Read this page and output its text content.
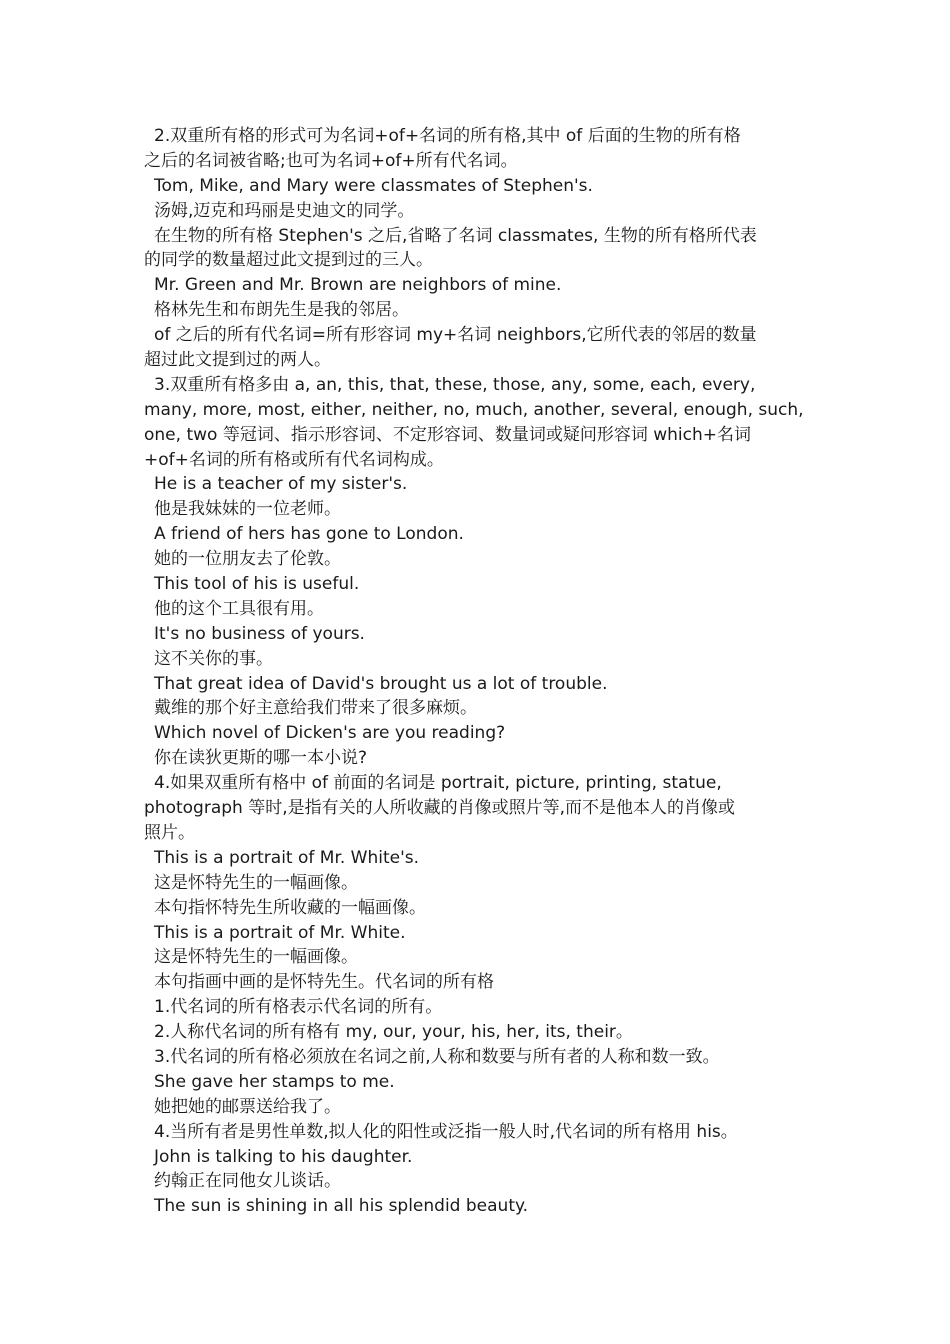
2.双重所有格的形式可为名词+of+名词的所有格,其中 of 后面的生物的所有格
之后的名词被省略;也可为名词+of+所有代名词。
Tom, Mike, and Mary were classmates of Stephen's.
汤姆,迈克和玛丽是史迪文的同学。
在生物的所有格 Stephen's 之后,省略了名词 classmates, 生物的所有格所代表
的同学的数量超过此文提到过的三人。
Mr. Green and Mr. Brown are neighbors of mine.
格林先生和布朗先生是我的邻居。
of 之后的所有代名词=所有形容词 my+名词 neighbors,它所代表的邻居的数量
超过此文提到过的两人。
3.双重所有格多由 a, an, this, that, these, those, any, some, each, every,
many, more, most, either, neither, no, much, another, several, enough, such,
one, two 等冠词、指示形容词、不定形容词、数量词或疑问形容词 which+名词
+of+名词的所有格或所有代名词构成。
He is a teacher of my sister's.
他是我妹妹的一位老师。
A friend of hers has gone to London.
她的一位朋友去了伦敦。
This tool of his is useful.
他的这个工具很有用。
It's no business of yours.
这不关你的事。
That great idea of David's brought us a lot of trouble.
戴维的那个好主意给我们带来了很多麻烦。
Which novel of Dicken's are you reading?
你在读狄更斯的哪一本小说?
4.如果双重所有格中 of 前面的名词是 portrait, picture, printing, statue,
photograph 等时,是指有关的人所收藏的肖像或照片等,而不是他本人的肖像或
照片。
This is a portrait of Mr. White's.
这是怀特先生的一幅画像。
本句指怀特先生所收藏的一幅画像。
This is a portrait of Mr. White.
这是怀特先生的一幅画像。
本句指画中画的是怀特先生。代名词的所有格
1.代名词的所有格表示代名词的所有。
2.人称代名词的所有格有 my, our, your, his, her, its, their。
3.代名词的所有格必须放在名词之前,人称和数要与所有者的人称和数一致。
She gave her stamps to me.
她把她的邮票送给我了。
4.当所有者是男性单数,拟人化的阳性或泛指一般人时,代名词的所有格用 his。
John is talking to his daughter.
约翰正在同他女儿谈话。
The sun is shining in all his splendid beauty.
